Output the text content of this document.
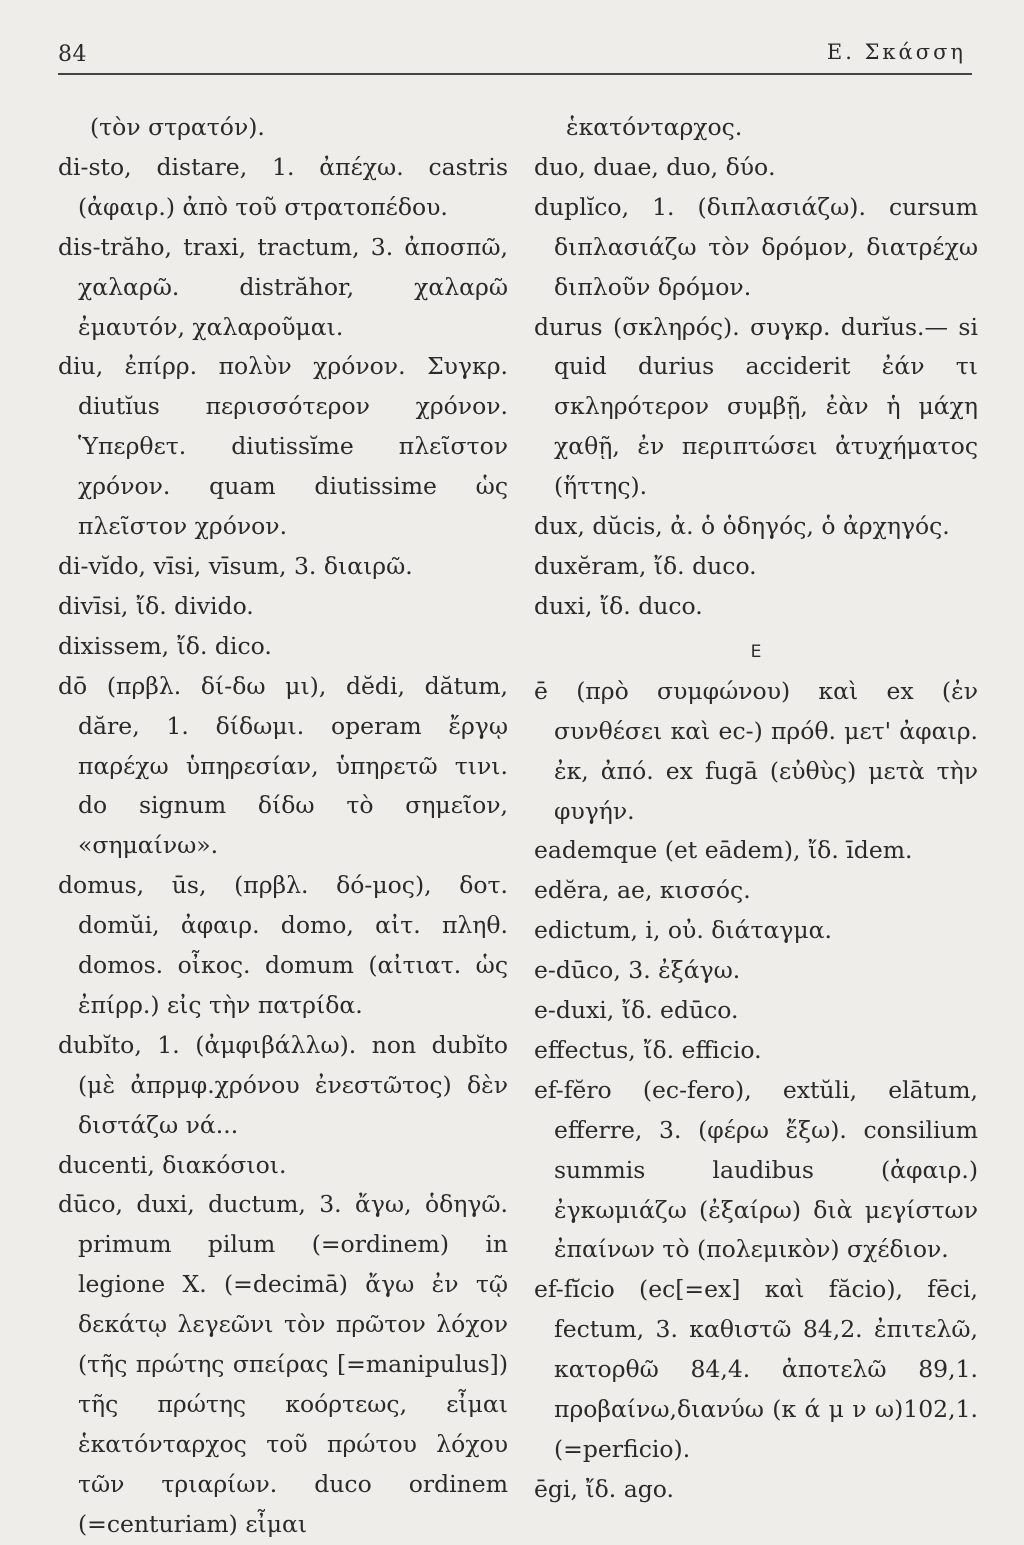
84	Ε. Σκάσση

(τὸν στρατόν).

di-sto, distare, 1. ἀπέχω. castris (ἀφαιρ.) ἀπὸ τοῦ στρατοπέδου.

dis-trăho, traxi, tractum, 3. ἀποσπῶ, χαλαρῶ. distrăhor, χαλαρῶ ἐμαυτόν, χαλαροῦμαι.

diu, ἐπίρρ. πολὺν χρόνον. Συγκρ. diutĭus περισσότερον χρόνον. Ὑπερθετ. diutissĭme πλεῖστον χρόνον. quam diutissime ὡς πλεῖστον χρόνον.

di-vĭdo, vīsi, vīsum, 3. διαιρῶ.

divīsi, ἴδ. divido.

dixissem, ἴδ. dico.

dō (πρβλ. δί-δω μι), dĕdi, dătum, dăre, 1. δίδωμι. operam ἔργῳ παρέχω ὑπηρεσίαν, ὑπηρετῶ τινι. do signum δίδω τὸ σημεῖον, «σημαίνω».

domus, ūs, (πρβλ. δό-μος), δοτ. domŭi, ἀφαιρ. domo, αἰτ. πληθ. domos. οἶκος. domum (αἰτιατ. ὡς ἐπίρρ.) εἰς τὴν πατρίδα.

dubĭto, 1. (ἀμφιβάλλω). non dubĭto (μὲ ἀπρμφ.χρόνου ἐνεστῶτος) δὲν διστάζω νά...

ducenti, διακόσιοι.

dūco, duxi, ductum, 3. ἄγω, ὁδηγῶ. primum pilum (=ordinem) in legione X. (=decimā) ἄγω ἐν τῷ δεκάτῳ λεγεῶνι τὸν πρῶτον λόχον (τῆς πρώτης σπείρας [=manipulus]) τῆς πρώτης κοόρτεως, εἶμαι ἑκατόνταρχος τοῦ πρώτου λόχου τῶν τριαρίων. duco ordinem (=centuriam) εἶμαι

ἑκατόνταρχος.

duo, duae, duo, δύο.

duplĭco, 1. (διπλασιάζω). cursum διπλασιάζω τὸν δρόμον, διατρέχω διπλοῦν δρόμον.

durus (σκληρός). συγκρ. durĭus.— si quid durius acciderit ἐάν τι σκληρότερον συμβῇ, ἐὰν ἡ μάχη χαθῇ, ἐν περιπτώσει ἀτυχήματος (ἥττης).

dux, dŭcis, ἀ. ὁ ὁδηγός, ὁ ἀρχηγός.

duxĕram, ἴδ. duco.

duxi, ἴδ. duco.

E

ē (πρὸ συμφώνου) καὶ ex (ἐν συνθέσει καὶ ec-) πρόθ. μετ' ἀφαιρ. ἐκ, ἀπό. ex fugā (εὐθὺς) μετὰ τὴν φυγήν.

eademque (et eādem), ἴδ. īdem.

edĕra, ae, κισσός.

edictum, i, οὐ. διάταγμα.

e-dūco, 3. ἐξάγω.

e-duxi, ἴδ. edūco.

effectus, ἴδ. efficio.

ef-fĕro (ec-fero), extŭli, elātum, efferre, 3. (φέρω ἔξω). consilium summis laudibus (ἀφαιρ.) ἐγκωμιάζω (ἐξαίρω) διὰ μεγίστων ἐπαίνων τὸ (πολεμικὸν) σχέδιον.

ef-fĭcio (ec[=ex] καὶ făcio), fēci, fectum, 3. καθιστῶ 84,2. ἐπιτελῶ, κατορθῶ 84,4. ἀποτελῶ 89,1. προβαίνω,διανύω (κ ά μ ν ω)102,1. (=perficio).

ēgi, ἴδ. ago.
